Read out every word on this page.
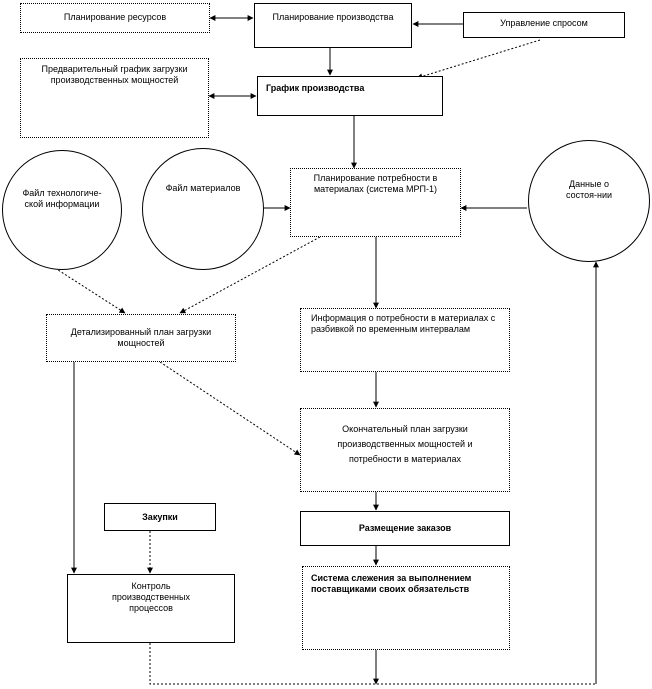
Планирование ресурсов	Планирование производства
Управление спросом
Предварительный график загрузки производственных мощностей
График производства
Планирование потребности в материалах (система МРП-1)
Файл технологиче-ской информации
Файл материалов	Данные о состоя-нии
Детализированный план загрузки мощностей
Информация о потребности в материалах с разбивкой по временным интервалам
Окончательный план загрузки производственных мощностей и потребности в материалах
Размещение заказов
Закупки
Контроль производственных процессов
Система слежения за выполнением поставщиками своих обязательств
